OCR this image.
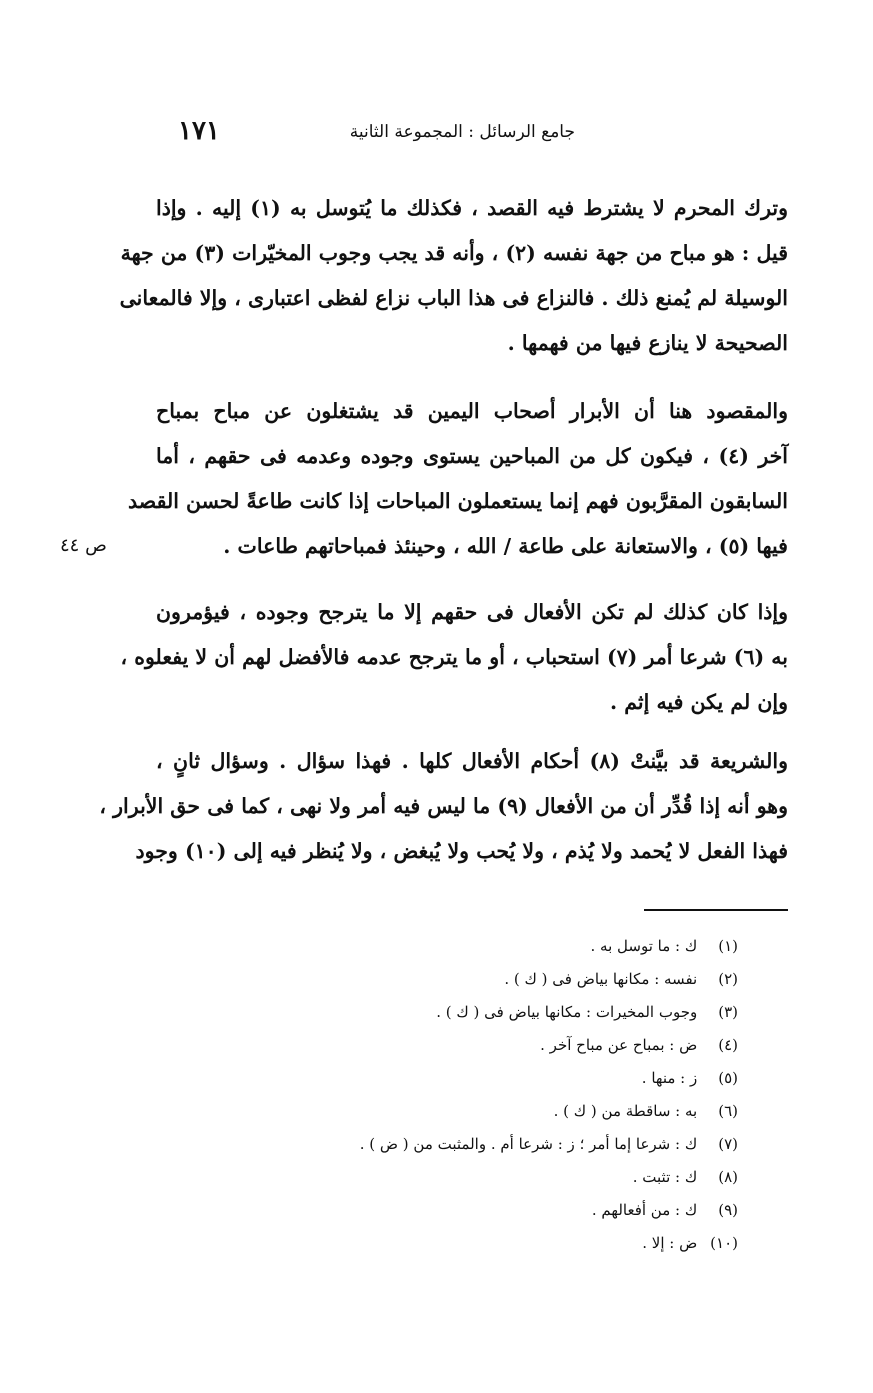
١٧١	جامع الرسائل : المجموعة الثانية
وترك المحرم لا يشترط فيه القصد ، فكذلك ما يُتوسل به (١) إليه . وإذا
قيل : هو مباح من جهة نفسه (٢) ، وأنه قد يجب وجوب المخيّرات (٣) من جهة
الوسيلة لم يُمنع ذلك . فالنزاع فى هذا الباب نزاع لفظى اعتبارى ، وإلا فالمعانى
الصحيحة لا ينازع فيها من فهمها .
والمقصود هنا أن الأبرار أصحاب اليمين قد يشتغلون عن مباح بمباح
آخر (٤) ، فيكون كل من المباحين يستوى وجوده وعدمه فى حقهم ، أما
السابقون المقرَّبون فهم إنما يستعملون المباحات إذا كانت طاعةً لحسن القصد
فيها (٥) ، والاستعانة على طاعة / الله ، وحينئذ فمباحاتهم طاعات .
ص ٤٤
وإذا كان كذلك لم تكن الأفعال فى حقهم إلا ما يترجح وجوده ، فيؤمرون
به (٦) شرعا أمر (٧) استحباب ، أو ما يترجح عدمه فالأفضل لهم أن لا يفعلوه ،
وإن لم يكن فيه إثم .
والشريعة قد بيَّنتْ (٨) أحكام الأفعال كلها . فهذا سؤال . وسؤال ثانٍ ،
وهو أنه إذا قُدِّر أن من الأفعال (٩) ما ليس فيه أمر ولا نهى ، كما فى حق الأبرار ،
فهذا الفعل لا يُحمد ولا يُذم ، ولا يُحب ولا يُبغض ، ولا يُنظر فيه إلى (١٠) وجود
(١) ك : ما توسل به .
(٢) نفسه : مكانها بياض فى ( ك ) .
(٣) وجوب المخيرات : مكانها بياض فى ( ك ) .
(٤) ض : بمباح عن مباح آخر .
(٥) ز : منها .
(٦) به : ساقطة من ( ك ) .
(٧) ك : شرعا إما أمر ؛ ز : شرعا أم . والمثبت من ( ض ) .
(٨) ك : تثبت .
(٩) ك : من أفعالهم .
(١٠) ض : إلا .
